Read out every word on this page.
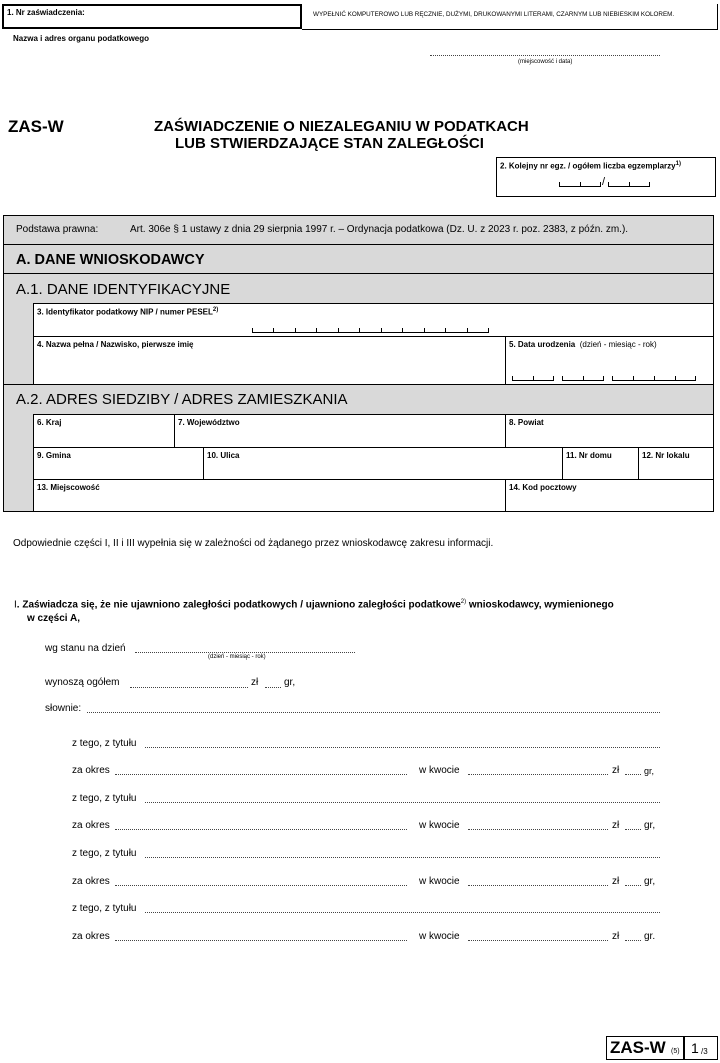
1. Nr zaświadczenia:	WYPEŁNIĆ KOMPUTEROWO LUB RĘCZNIE, DUŻYMI, DRUKOWANYMI LITERAMI, CZARNYM LUB NIEBIESKIM KOLOREM.
Nazwa i adres organu podatkowego
(miejscowość i data)
ZAS-W	ZAŚWIADCZENIE O NIEZALEGANIU W PODATKACH
LUB STWIERDZAJĄCE STAN ZALEGŁOŚCI
2. Kolejny nr egz. / ogółem liczba egzemplarzy$^{1)}$
/
Podstawa prawna:	Art. 306e § 1 ustawy z dnia 29 sierpnia 1997 r. – Ordynacja podatkowa (Dz. U. z 2023 r. poz. 2383, z późn. zm.).
A. DANE WNIOSKODAWCY
A.1. DANE IDENTYFIKACYJNE
3. Identyfikator podatkowy NIP / numer PESEL$^{2)}$
4. Nazwa pełna / Nazwisko, pierwsze imię	5. Data urodzenia (dzień - miesiąc - rok)
A.2. ADRES SIEDZIBY / ADRES ZAMIESZKANIA
6. Kraj	7. Województwo	8. Powiat
9. Gmina	10. Ulica	11. Nr domu	12. Nr lokalu
13. Miejscowość	14. Kod pocztowy
Odpowiednie części I, II i III wypełnia się w zależności od żądanego przez wnioskodawcę zakresu informacji.
I. Zaświadcza się, że nie ujawniono zaległości podatkowych / ujawniono zaległości podatkowe$^{2)}$ wnioskodawcy, wymienionego
w części A,
wg stanu na dzień
(dzień - miesiąc - rok)
wynoszą ogółem	zł	gr,
słownie:
z tego, z tytułu
za okres	w kwocie	zł	gr,
z tego, z tytułu
za okres	w kwocie	zł gr,
z tego, z tytułu
za okres	w kwocie	zł gr,
z tego, z tytułu
za okres	w kwocie	zł gr.
ZAS-W (5) 1 /3
